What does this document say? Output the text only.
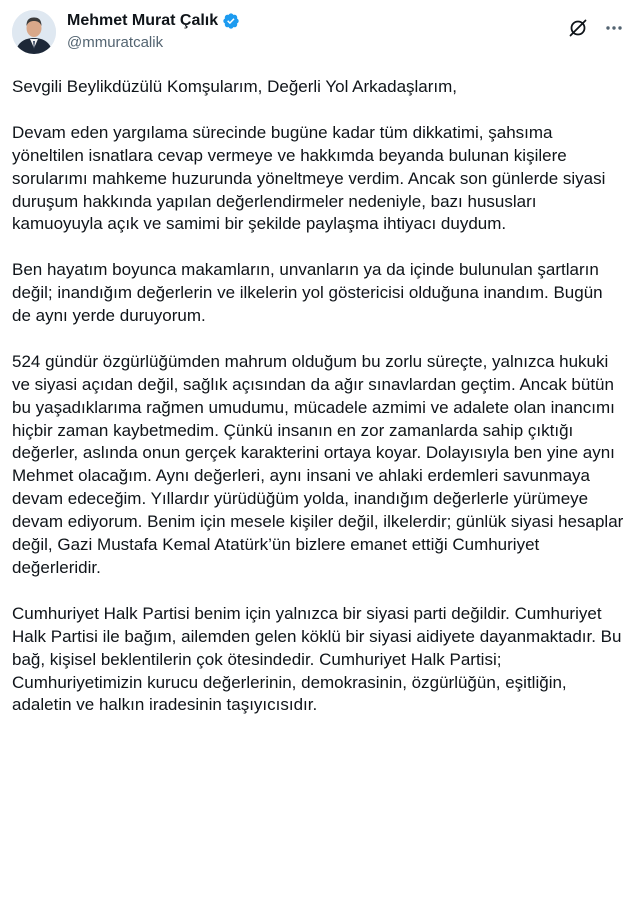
Mehmet Murat Çalık
@mmuratcalik

Sevgili Beylikdüzülü Komşularım, Değerli Yol Arkadaşlarım,

Devam eden yargılama sürecinde bugüne kadar tüm dikkatimi, şahsıma yöneltilen isnatlara cevap vermeye ve hakkımda beyanda bulunan kişilere sorularımı mahkeme huzurunda yöneltmeye verdim. Ancak son günlerde siyasi duruşum hakkında yapılan değerlendirmeler nedeniyle, bazı hususları kamuoyuyla açık ve samimi bir şekilde paylaşma ihtiyacı duydum.

Ben hayatım boyunca makamların, unvanların ya da içinde bulunulan şartların değil; inandığım değerlerin ve ilkelerin yol göstericisi olduğuna inandım. Bugün de aynı yerde duruyorum.

524 gündür özgürlüğümden mahrum olduğum bu zorlu süreçte, yalnızca hukuki ve siyasi açıdan değil, sağlık açısından da ağır sınavlardan geçtim. Ancak bütün bu yaşadıklarıma rağmen umudumu, mücadele azmimi ve adalete olan inancımı hiçbir zaman kaybetmedim. Çünkü insanın en zor zamanlarda sahip çıktığı değerler, aslında onun gerçek karakterini ortaya koyar. Dolayısıyla ben yine aynı Mehmet olacağım. Aynı değerleri, aynı insani ve ahlaki erdemleri savunmaya devam edeceğim. Yıllardır yürüdüğüm yolda, inandığım değerlerle yürümeye devam ediyorum. Benim için mesele kişiler değil, ilkelerdir; günlük siyasi hesaplar değil, Gazi Mustafa Kemal Atatürk’ün bizlere emanet ettiği Cumhuriyet değerleridir.

Cumhuriyet Halk Partisi benim için yalnızca bir siyasi parti değildir. Cumhuriyet Halk Partisi ile bağım, ailemden gelen köklü bir siyasi aidiyete dayanmaktadır. Bu bağ, kişisel beklentilerin çok ötesindedir. Cumhuriyet Halk Partisi; Cumhuriyetimizin kurucu değerlerinin, demokrasinin, özgürlüğün, eşitliğin, adaletin ve halkın iradesinin taşıyıcısıdır.
